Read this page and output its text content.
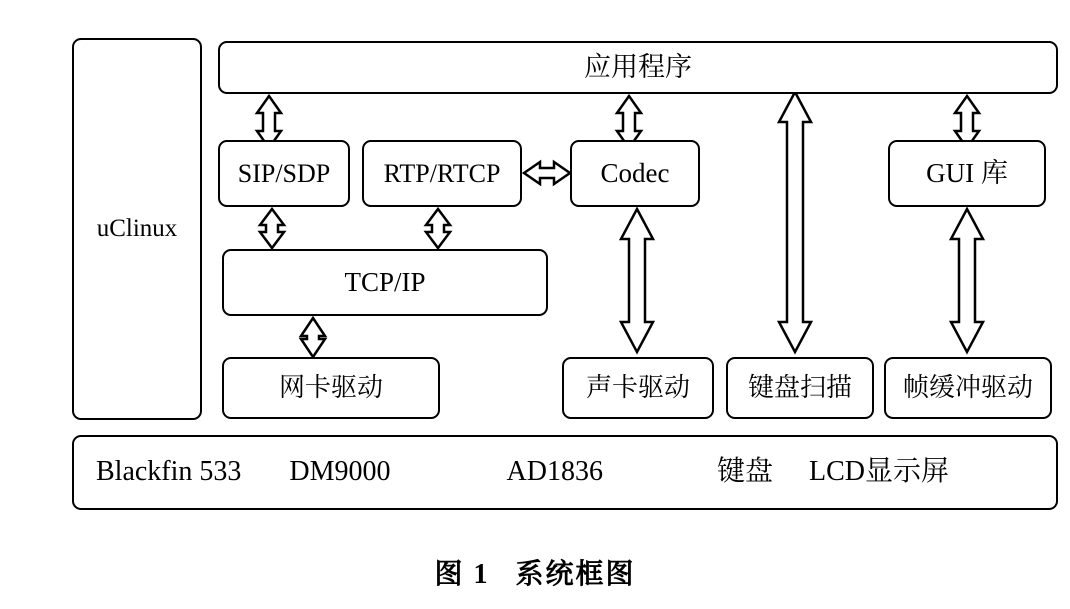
uClinux
应用程序
SIP/SDP RTP/RTCP	Codec	GUI 库
TCP/IP
网卡驱动	声卡驱动 键盘扫描 帧缓冲驱动
Blackfin 533 DM9000	AD1836	键盘 LCD显示屏
图 1 系统框图
